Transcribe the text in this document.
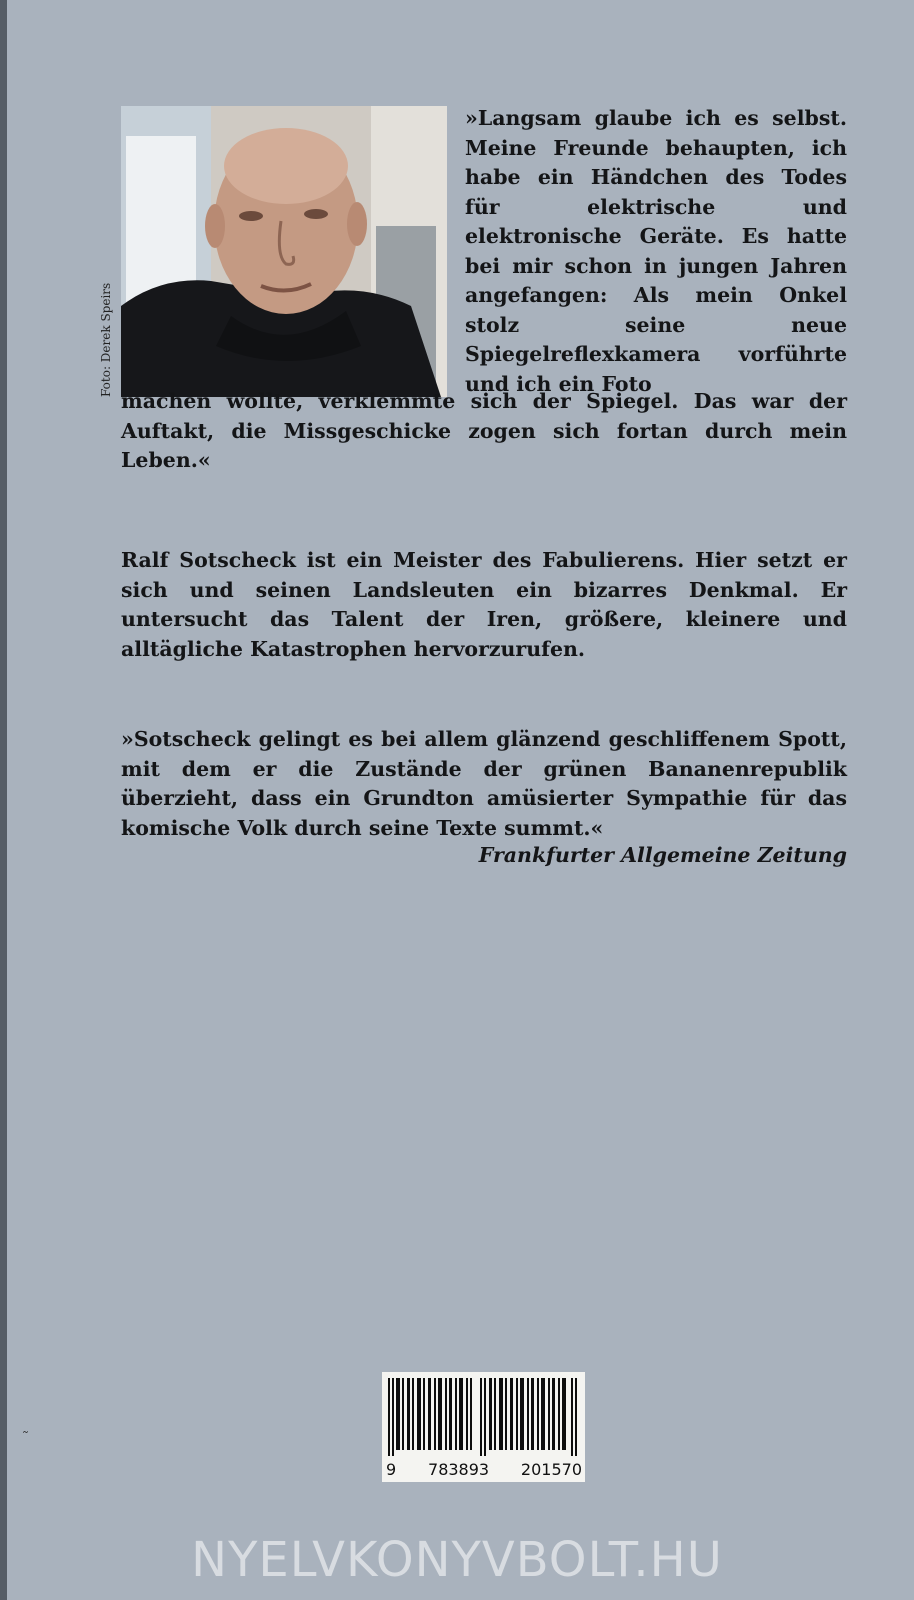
Foto: Derek Speirs

»Langsam glaube ich es selbst. Meine Freunde behaupten, ich habe ein Händchen des Todes für elektrische und elektronische Geräte. Es hatte bei mir schon in jungen Jahren angefangen: Als mein Onkel stolz seine neue Spiegelreflexkamera vorführte und ich ein Foto

machen wollte, verklemmte sich der Spiegel. Das war der Auftakt, die Missgeschicke zogen sich fortan durch mein Leben.«

Ralf Sotscheck ist ein Meister des Fabulierens. Hier setzt er sich und seinen Landsleuten ein bizarres Denkmal. Er untersucht das Talent der Iren, größere, kleinere und alltägliche Katastrophen hervorzurufen.

»Sotscheck gelingt es bei allem glänzend geschliffenem Spott, mit dem er die Zustände der grünen Bananenrepublik überzieht, dass ein Grundton amüsierter Sympathie für das komische Volk durch seine Texte summt.«

Frankfurter Allgemeine Zeitung
˜
9 783893 201570
NYELVKONYVBOLT.HU
